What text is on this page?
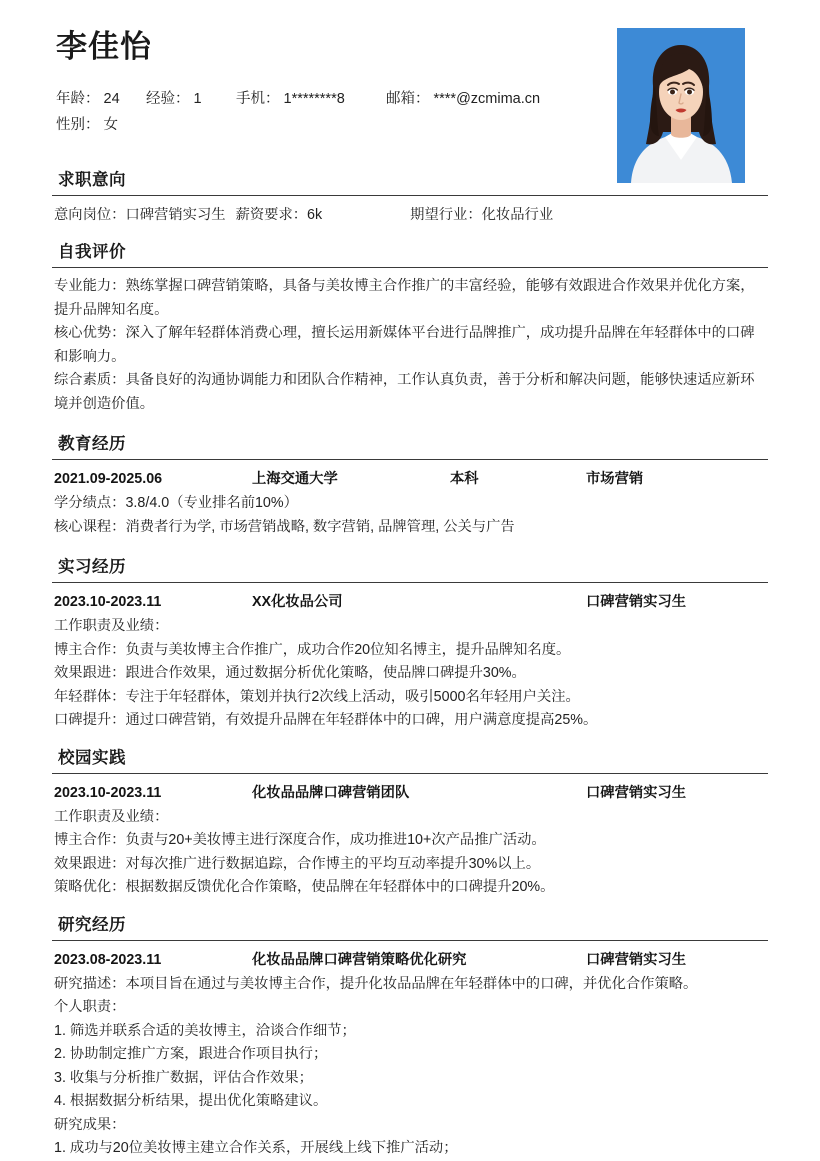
李佳怡
年龄： 24 经验： 1 手机： 1********8	邮箱： ****@zcmima.cn
性别： 女
求职意向
意向岗位：口碑营销实习生 薪资要求：6k	期望行业：化妆品行业
自我评价

专业能力：熟练掌握口碑营销策略，具备与美妆博主合作推广的丰富经验，能够有效跟进合作效果并优化方案，提升品牌知名度。

核心优势：深入了解年轻群体消费心理，擅长运用新媒体平台进行品牌推广，成功提升品牌在年轻群体中的口碑和影响力。

综合素质：具备良好的沟通协调能力和团队合作精神，工作认真负责，善于分析和解决问题，能够快速适应新环境并创造价值。

教育经历
2021.09-2025.06	上海交通大学	本科	市场营销

学分绩点：3.8/4.0（专业排名前10%）

核心课程：消费者行为学, 市场营销战略, 数字营销, 品牌管理, 公关与广告

实习经历
2023.10-2023.11	XX化妆品公司	口碑营销实习生

工作职责及业绩：

博主合作：负责与美妆博主合作推广，成功合作20位知名博主，提升品牌知名度。

效果跟进：跟进合作效果，通过数据分析优化策略，使品牌口碑提升30%。

年轻群体：专注于年轻群体，策划并执行2次线上活动，吸引5000名年轻用户关注。

口碑提升：通过口碑营销，有效提升品牌在年轻群体中的口碑，用户满意度提高25%。

校园实践
2023.10-2023.11	化妆品品牌口碑营销团队	口碑营销实习生

工作职责及业绩：

博主合作：负责与20+美妆博主进行深度合作，成功推进10+次产品推广活动。

效果跟进：对每次推广进行数据追踪，合作博主的平均互动率提升30%以上。

策略优化：根据数据反馈优化合作策略，使品牌在年轻群体中的口碑提升20%。

研究经历
2023.08-2023.11	化妆品品牌口碑营销策略优化研究	口碑营销实习生

研究描述：本项目旨在通过与美妆博主合作，提升化妆品品牌在年轻群体中的口碑，并优化合作策略。

个人职责：

1. 筛选并联系合适的美妆博主，洽谈合作细节；

2. 协助制定推广方案，跟进合作项目执行；

3. 收集与分析推广数据，评估合作效果；

4. 根据数据分析结果，提出优化策略建议。

研究成果：

1. 成功与20位美妆博主建立合作关系，开展线上线下推广活动；
